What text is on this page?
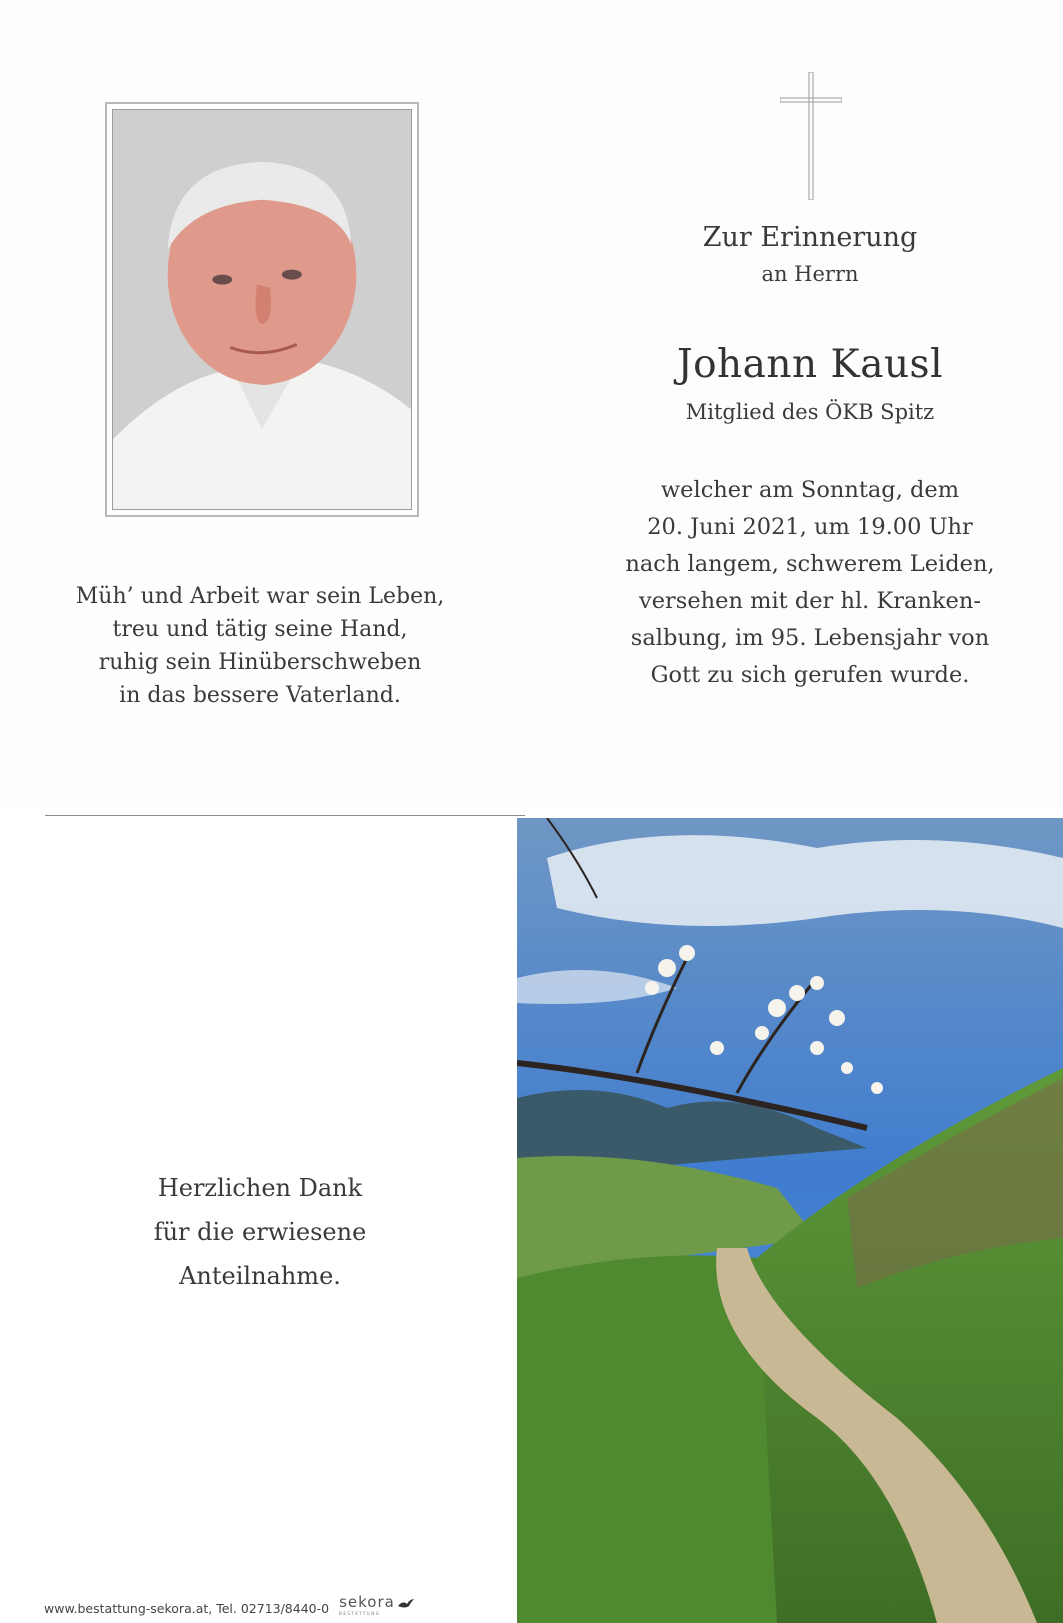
Müh’ und Arbeit war sein Leben,
treu und tätig seine Hand,
ruhig sein Hinüberschweben
in das bessere Vaterland.
Zur Erinnerung
an Herrn
Johann Kausl
Mitglied des ÖKB Spitz
welcher am Sonntag, dem
20. Juni 2021, um 19.00 Uhr
nach langem, schwerem Leiden,
versehen mit der hl. Kranken-
salbung, im 95. Lebensjahr von
Gott zu sich gerufen wurde.
Herzlichen Dank
für die erwiesene
Anteilnahme.
www.bestattung-sekora.at, Tel. 02713/8440-0 sekora
BESTATTUNG
